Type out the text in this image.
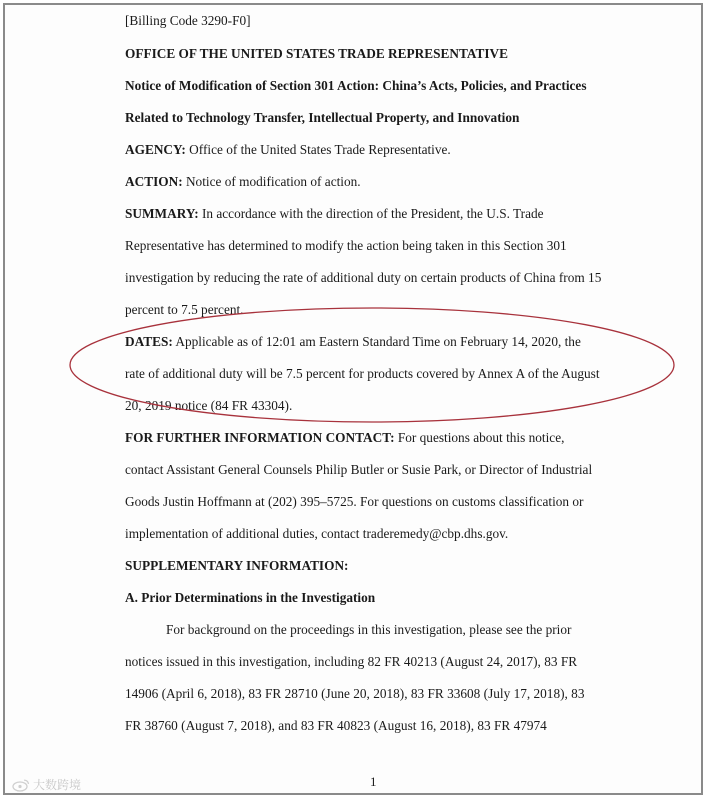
[Billing Code 3290-F0]
OFFICE OF THE UNITED STATES TRADE REPRESENTATIVE
Notice of Modification of Section 301 Action: China’s Acts, Policies, and Practices
Related to Technology Transfer, Intellectual Property, and Innovation
AGENCY: Office of the United States Trade Representative.
ACTION: Notice of modification of action.
SUMMARY: In accordance with the direction of the President, the U.S. Trade
Representative has determined to modify the action being taken in this Section 301
investigation by reducing the rate of additional duty on certain products of China from 15
percent to 7.5 percent.
DATES: Applicable as of 12:01 am Eastern Standard Time on February 14, 2020, the
rate of additional duty will be 7.5 percent for products covered by Annex A of the August
20, 2019 notice (84 FR 43304).
FOR FURTHER INFORMATION CONTACT: For questions about this notice,
contact Assistant General Counsels Philip Butler or Susie Park, or Director of Industrial
Goods Justin Hoffmann at (202) 395–5725. For questions on customs classification or
implementation of additional duties, contact traderemedy@cbp.dhs.gov.
SUPPLEMENTARY INFORMATION:
A. Prior Determinations in the Investigation
For background on the proceedings in this investigation, please see the prior
notices issued in this investigation, including 82 FR 40213 (August 24, 2017), 83 FR
14906 (April 6, 2018), 83 FR 28710 (June 20, 2018), 83 FR 33608 (July 17, 2018), 83
FR 38760 (August 7, 2018), and 83 FR 40823 (August 16, 2018), 83 FR 47974
1
大数跨境
